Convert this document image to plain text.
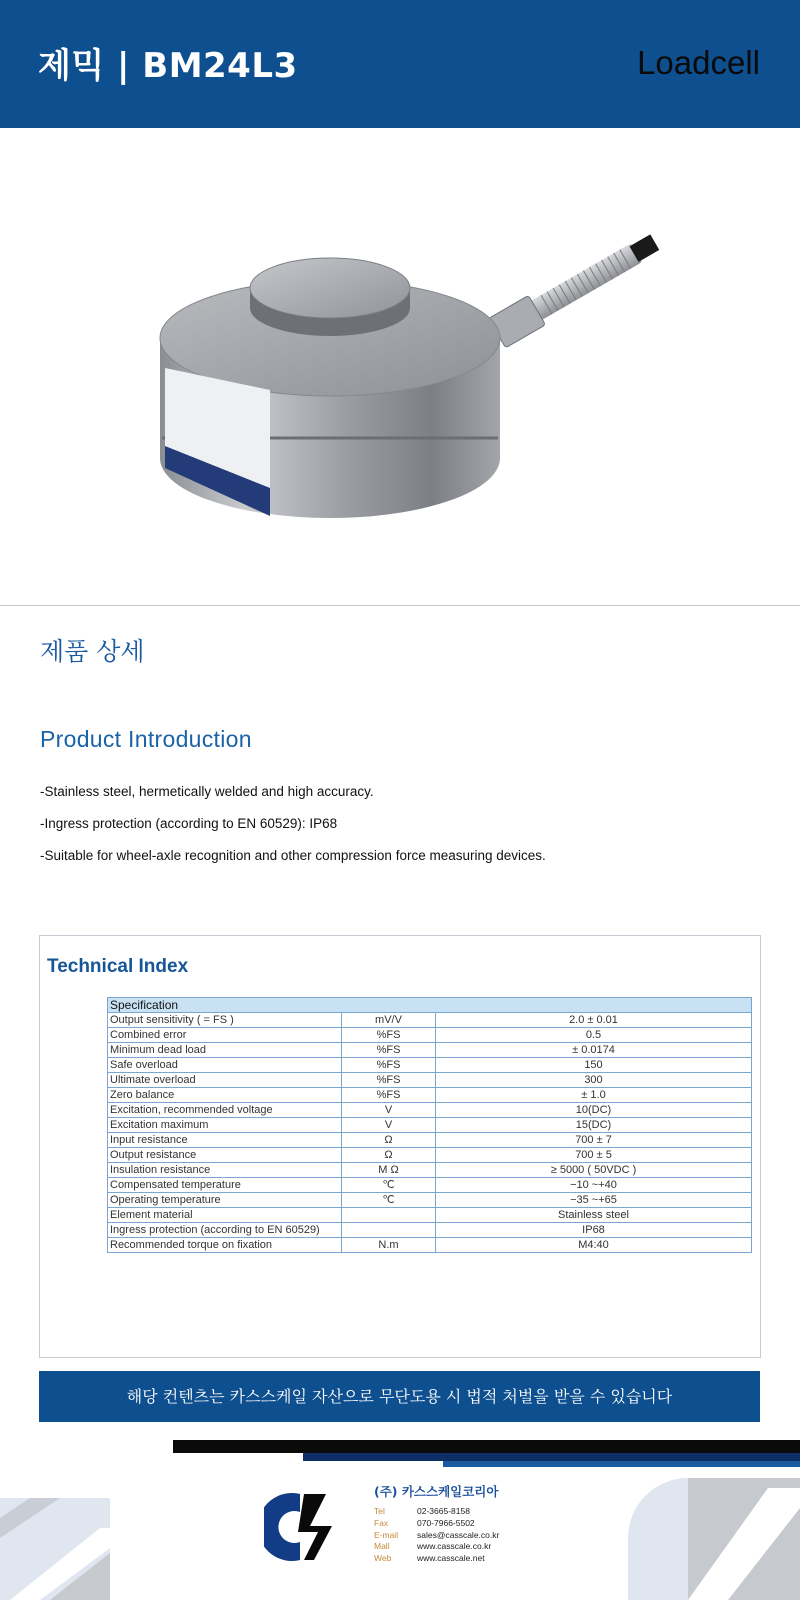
제믹 | BM24L3	Loadcell
제품 상세
Product Introduction
-Stainless steel, hermetically welded and high accuracy.
-Ingress protection (according to EN 60529): IP68
-Suitable for wheel-axle recognition and other compression force measuring devices.
Technical Index
Specification		
Output sensitivity ( = FS )	mV/V	2.0 ± 0.01
Combined error	%FS	0.5
Minimum dead load	%FS	± 0.0174
Safe overload	%FS	150
Ultimate overload	%FS	300
Zero balance	%FS	± 1.0
Excitation, recommended voltage	V	10(DC)
Excitation maximum	V	15(DC)
Input resistance	Ω	700 ± 7
Output resistance	Ω	700 ± 5
Insulation resistance	M Ω	≥ 5000 ( 50VDC )
Compensated temperature	℃	−10 ~+40
Operating temperature	℃	−35 ~+65
Element material		Stainless steel
Ingress protection (according to EN 60529)		IP68
Recommended torque on fixation	N.m	M4:40
해당 컨텐츠는 카스스케일 자산으로 무단도용 시 법적 처벌을 받을 수 있습니다
(주) 카스스케일코리아
Tel	02-3665-8158
Fax	070-7966-5502
E-mail sales@casscale.co.kr
Mall	www.casscale.co.kr
Web	www.casscale.net
